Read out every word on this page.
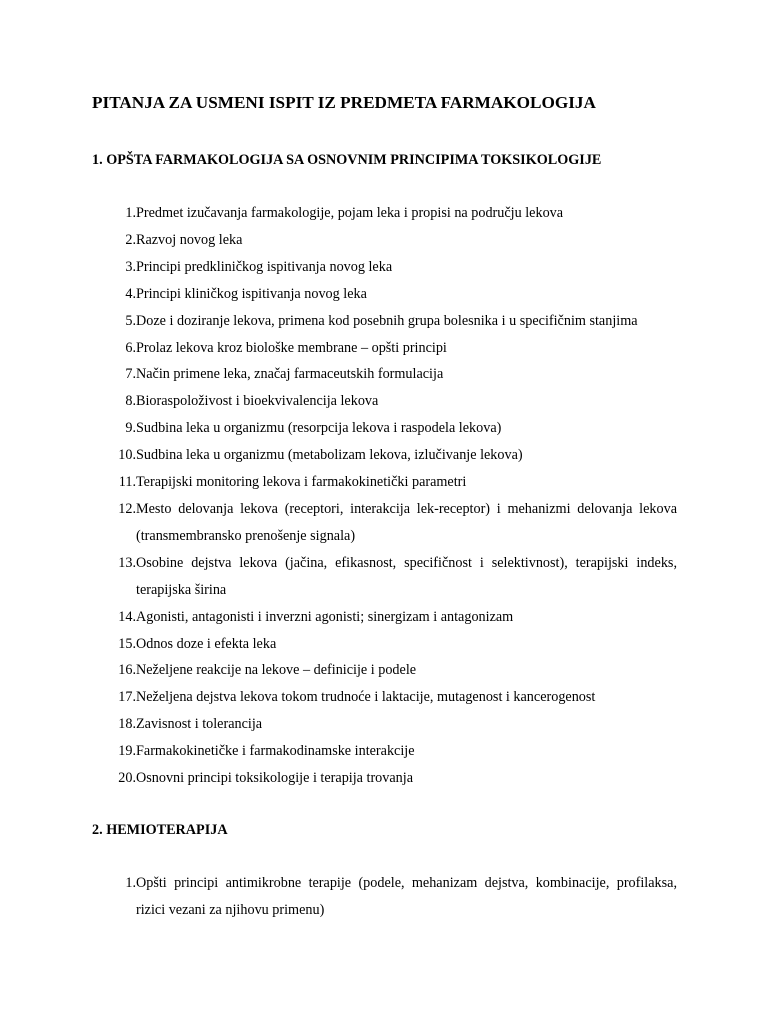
PITANJA ZA USMENI ISPIT IZ PREDMETA FARMAKOLOGIJA
1. OPŠTA FARMAKOLOGIJA SA OSNOVNIM PRINCIPIMA TOKSIKOLOGIJE
1. Predmet izučavanja farmakologije, pojam leka i propisi na području lekova
2. Razvoj novog leka
3. Principi predkliničkog ispitivanja novog leka
4. Principi kliničkog ispitivanja novog leka
5. Doze i doziranje lekova, primena kod posebnih grupa bolesnika i u specifičnim stanjima
6. Prolaz lekova kroz biološke membrane – opšti principi
7. Način primene leka, značaj farmaceutskih formulacija
8. Bioraspoloživost i bioekvivalencija lekova
9. Sudbina leka u organizmu (resorpcija lekova i raspodela lekova)
10. Sudbina leka u organizmu (metabolizam lekova, izlučivanje lekova)
11. Terapijski monitoring lekova i farmakokinetički parametri
12. Mesto delovanja lekova (receptori, interakcija lek-receptor) i mehanizmi delovanja lekova (transmembransko prenošenje signala)
13. Osobine dejstva lekova (jačina, efikasnost, specifičnost i selektivnost), terapijski indeks, terapijska širina
14. Agonisti, antagonisti i inverzni agonisti; sinergizam i antagonizam
15. Odnos doze i efekta leka
16. Neželjene reakcije na lekove – definicije i podele
17. Neželjena dejstva lekova tokom trudnoće i laktacije, mutagenost i kancerogenost
18. Zavisnost i tolerancija
19. Farmakokinetičke i farmakodinamske interakcije
20. Osnovni principi toksikologije i terapija trovanja
2. HEMIOTERAPIJA
1. Opšti principi antimikrobne terapije (podele, mehanizam dejstva, kombinacije, profilaksa, rizici vezani za njihovu primenu)
